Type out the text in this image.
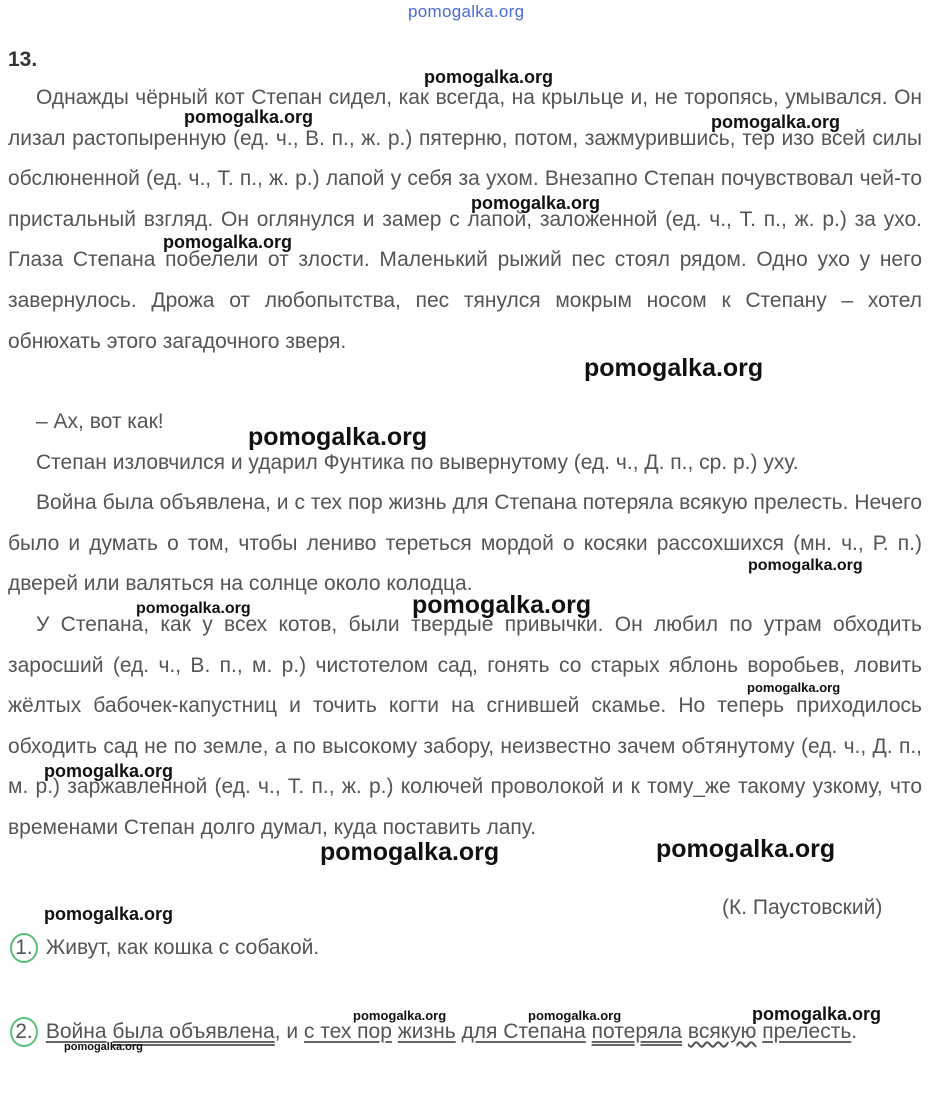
pomogalka.org
13.

Однажды чёрный кот Степан сидел, как всегда, на крыльце и, не торопясь, умывался. Он лизал растопыренную (ед. ч., В. п., ж. р.) пятерню, потом, зажмурившись, тер изо всей силы обслюненной (ед. ч., Т. п., ж. р.) лапой у себя за ухом. Внезапно Степан почувствовал чей-то пристальный взгляд. Он оглянулся и замер с лапой, заложенной (ед. ч., Т. п., ж. р.) за ухо. Глаза Степана побелели от злости. Маленький рыжий пес стоял рядом. Одно ухо у него завернулось. Дрожа от любопытства, пес тянулся мокрым носом к Степану – хотел обнюхать этого загадочного зверя.

– Ах, вот как!

Степан изловчился и ударил Фунтика по вывернутому (ед. ч., Д. п., ср. р.) уху.

Война была объявлена, и с тех пор жизнь для Степана потеряла всякую прелесть. Нечего было и думать о том, чтобы лениво тереться мордой о косяки рассохшихся (мн. ч., Р. п.) дверей или валяться на солнце около колодца.

У Степана, как у всех котов, были твердые привычки. Он любил по утрам обходить заросший (ед. ч., В. п., м. р.) чистотелом сад, гонять со старых яблонь воробьев, ловить жёлтых бабочек-капустниц и точить когти на сгнившей скамье. Но теперь приходилось обходить сад не по земле, а по высокому забору, неизвестно зачем обтянутому (ед. ч., Д. п., м. р.) заржавленной (ед. ч., Т. п., ж. р.) колючей проволокой и к тому_же такому узкому, что временами Степан долго думал, куда поставить лапу.

(К. Паустовский)
1. Живут, как кошка с собакой.
2. Война была объявлена, и с тех пор жизнь для Степана потеряла всякую прелесть.
pomogalka.org
pomogalka.org	pomogalka.org
pomogalka.org
pomogalka.org
pomogalka.org
pomogalka.org
pomogalka.org
pomogalka.org	pomogalka.org
pomogalka.org
pomogalka.org
pomogalka.org	pomogalka.org
pomogalka.org
pomogalka.org	pomogalka.org	pomogalka.org
pomogalka.org
